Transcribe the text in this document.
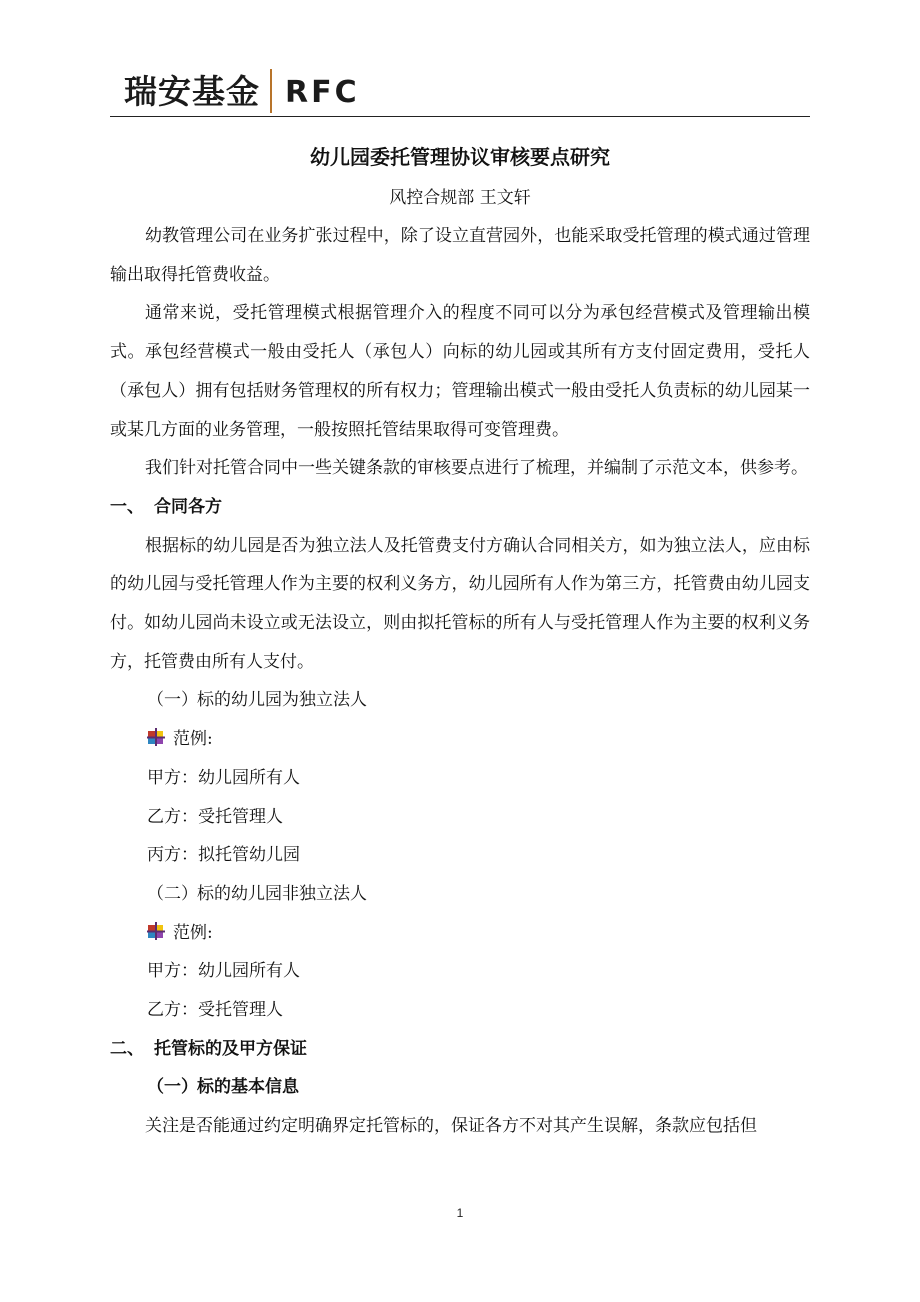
瑞安基金 RFC

幼儿园委托管理协议审核要点研究

风控合规部 王文轩

幼教管理公司在业务扩张过程中，除了设立直营园外，也能采取受托管理的模式通过管理输出取得托管费收益。

通常来说，受托管理模式根据管理介入的程度不同可以分为承包经营模式及管理输出模式。承包经营模式一般由受托人（承包人）向标的幼儿园或其所有方支付固定费用，受托人（承包人）拥有包括财务管理权的所有权力；管理输出模式一般由受托人负责标的幼儿园某一或某几方面的业务管理，一般按照托管结果取得可变管理费。

我们针对托管合同中一些关键条款的审核要点进行了梳理，并编制了示范文本，供参考。

一、 合同各方

根据标的幼儿园是否为独立法人及托管费支付方确认合同相关方，如为独立法人，应由标的幼儿园与受托管理人作为主要的权利义务方，幼儿园所有人作为第三方，托管费由幼儿园支付。如幼儿园尚未设立或无法设立，则由拟托管标的所有人与受托管理人作为主要的权利义务方，托管费由所有人支付。

（一）标的幼儿园为独立法人

范例:

甲方：幼儿园所有人

乙方：受托管理人

丙方：拟托管幼儿园

（二）标的幼儿园非独立法人

范例:

甲方：幼儿园所有人

乙方：受托管理人

二、 托管标的及甲方保证

（一）标的基本信息

关注是否能通过约定明确界定托管标的，保证各方不对其产生误解，条款应包括但

1
